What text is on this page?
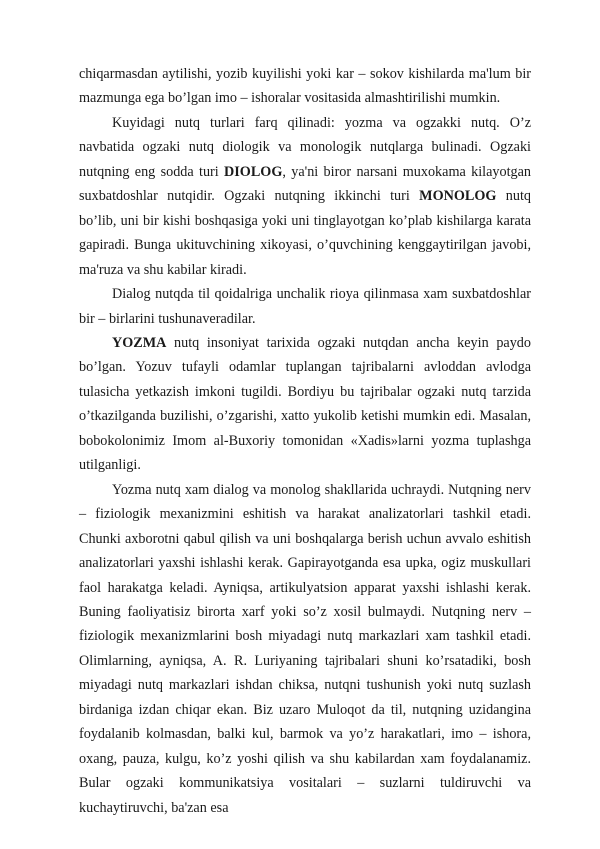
chiqarmasdan aytilishi, yozib kuyilishi yoki kar – sokov kishilarda ma'lum bir mazmunga ega bo’lgan imo – ishoralar vositasida almashtirilishi mumkin.

Kuyidagi nutq turlari farq qilinadi: yozma va ogzakki nutq. O’z navbatida ogzaki nutq diologik va monologik nutqlarga bulinadi. Ogzaki nutqning eng sodda turi DIOLOG, ya'ni biror narsani muxokama kilayotgan suxbatdoshlar nutqidir. Ogzaki nutqning ikkinchi turi MONOLOG nutq bo’lib, uni bir kishi boshqasiga yoki uni tinglayotgan ko’plab kishilarga karata gapiradi. Bunga ukituvchining xikoyasi, o’quvchining kenggaytirilgan javobi, ma'ruza va shu kabilar kiradi.

Dialog nutqda til qoidalriga unchalik rioya qilinmasa xam suxbatdoshlar bir – birlarini tushunaveradilar.

YOZMA nutq insoniyat tarixida ogzaki nutqdan ancha keyin paydo bo’lgan. Yozuv tufayli odamlar tuplangan tajribalarni avloddan avlodga tulasicha yetkazish imkoni tugildi. Bordiyu bu tajribalar ogzaki nutq tarzida o’tkazilganda buzilishi, o’zgarishi, xatto yukolib ketishi mumkin edi. Masalan, bobokolonimiz Imom al-Buxoriy tomonidan «Xadis»larni yozma tuplashga utilganligi.

Yozma nutq xam dialog va monolog shakllarida uchraydi. Nutqning nerv – fiziologik mexanizmini eshitish va harakat analizatorlari tashkil etadi. Chunki axborotni qabul qilish va uni boshqalarga berish uchun avvalo eshitish analizatorlari yaxshi ishlashi kerak. Gapirayotganda esa upka, ogiz muskullari faol harakatga keladi. Ayniqsa, artikulyatsion apparat yaxshi ishlashi kerak. Buning faoliyatisiz birorta xarf yoki so’z xosil bulmaydi. Nutqning nerv – fiziologik mexanizmlarini bosh miyadagi nutq markazlari xam tashkil etadi. Olimlarning, ayniqsa, A. R. Luriyaning tajribalari shuni ko’rsatadiki, bosh miyadagi nutq markazlari ishdan chiksa, nutqni tushunish yoki nutq suzlash birdaniga izdan chiqar ekan. Biz uzaro Muloqot da til, nutqning uzidangina foydalanib kolmasdan, balki kul, barmok va yo’z harakatlari, imo – ishora, oxang, pauza, kulgu, ko’z yoshi qilish va shu kabilardan xam foydalanamiz. Bular ogzaki kommunikatsiya vositalari – suzlarni tuldiruvchi va kuchaytiruvchi, ba'zan esa
